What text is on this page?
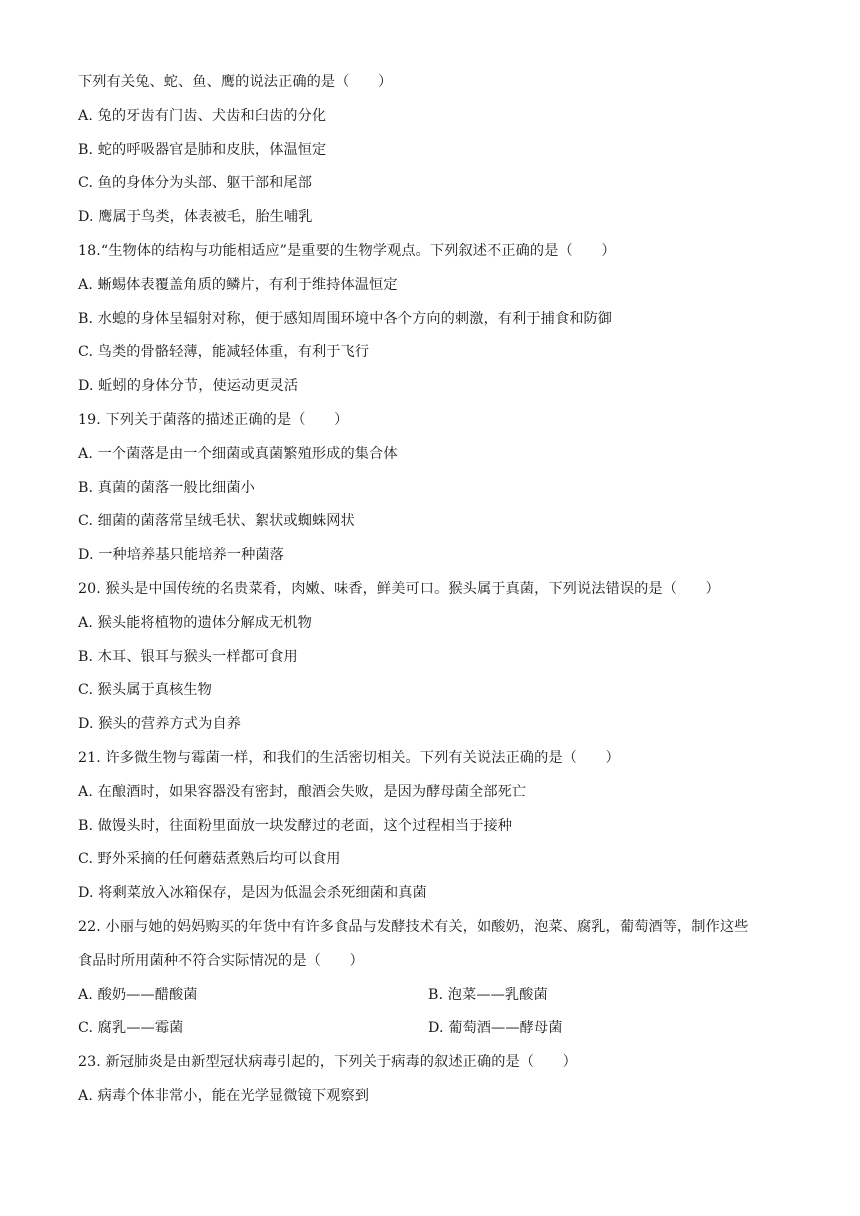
下列有关兔、蛇、鱼、鹰的说法正确的是（　　）
A. 兔的牙齿有门齿、犬齿和臼齿的分化
B. 蛇的呼吸器官是肺和皮肤，体温恒定
C. 鱼的身体分为头部、躯干部和尾部
D. 鹰属于鸟类，体表被毛，胎生哺乳
18.“生物体的结构与功能相适应”是重要的生物学观点。下列叙述不正确的是（　　）
A. 蜥蜴体表覆盖角质的鳞片，有利于维持体温恒定
B. 水螅的身体呈辐射对称，便于感知周围环境中各个方向的刺激，有利于捕食和防御
C. 鸟类的骨骼轻薄，能减轻体重，有利于飞行
D. 蚯蚓的身体分节，使运动更灵活
19. 下列关于菌落的描述正确的是（　　）
A. 一个菌落是由一个细菌或真菌繁殖形成的集合体
B. 真菌的菌落一般比细菌小
C. 细菌的菌落常呈绒毛状、絮状或蜘蛛网状
D. 一种培养基只能培养一种菌落
20. 猴头是中国传统的名贵菜肴，肉嫩、味香，鲜美可口。猴头属于真菌，下列说法错误的是（　　）
A. 猴头能将植物的遗体分解成无机物
B. 木耳、银耳与猴头一样都可食用
C. 猴头属于真核生物
D. 猴头的营养方式为自养
21. 许多微生物与霉菌一样，和我们的生活密切相关。下列有关说法正确的是（　　）
A. 在酿酒时，如果容器没有密封，酿酒会失败，是因为酵母菌全部死亡
B. 做馒头时，往面粉里面放一块发酵过的老面，这个过程相当于接种
C. 野外采摘的任何蘑菇煮熟后均可以食用
D. 将剩菜放入冰箱保存，是因为低温会杀死细菌和真菌
22. 小丽与她的妈妈购买的年货中有许多食品与发酵技术有关，如酸奶，泡菜、腐乳，葡萄酒等，制作这些
食品时所用菌种不符合实际情况的是（　　）
A. 酸奶——醋酸菌	B. 泡菜——乳酸菌
C. 腐乳——霉菌	D. 葡萄酒——酵母菌
23. 新冠肺炎是由新型冠状病毒引起的，下列关于病毒的叙述正确的是（　　）
A. 病毒个体非常小，能在光学显微镜下观察到
